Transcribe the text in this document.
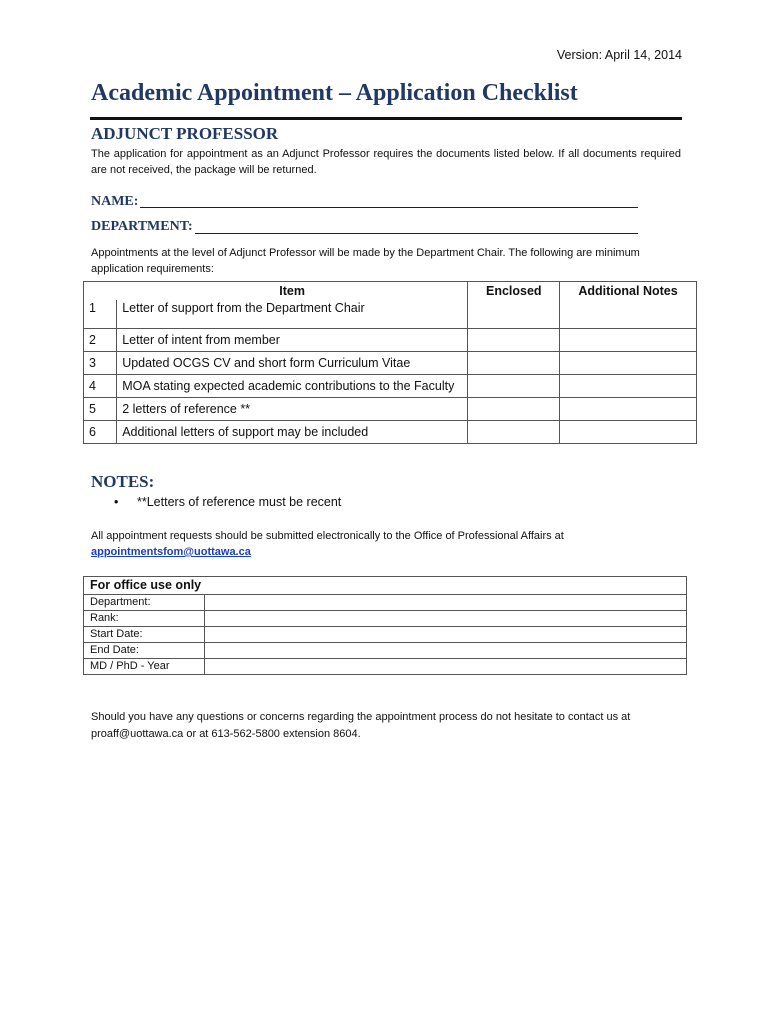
Version: April 14, 2014
Academic Appointment – Application Checklist
ADJUNCT PROFESSOR

The application for appointment as an Adjunct Professor requires the documents listed below. If all documents required are not received, the package will be returned.

NAME:
DEPARTMENT:

Appointments at the level of Adjunct Professor will be made by the Department Chair. The following are minimum application requirements:

	Item	Enclosed	Additional Notes
1	Letter of support from the Department Chair		
2	Letter of intent from member		
3	Updated OCGS CV and short form Curriculum Vitae		
4	MOA stating expected academic contributions to the Faculty		
5	2 letters of reference **		
6	Additional letters of support may be included		
NOTES:
• **Letters of reference must be recent

All appointment requests should be submitted electronically to the Office of Professional Affairs at

appointmentsfom@uottawa.ca
For office use only	
Department:	
Rank:	
Start Date:	
End Date:	
MD / PhD - Year	

Should you have any questions or concerns regarding the appointment process do not hesitate to contact us at proaff@uottawa.ca or at 613-562-5800 extension 8604.
